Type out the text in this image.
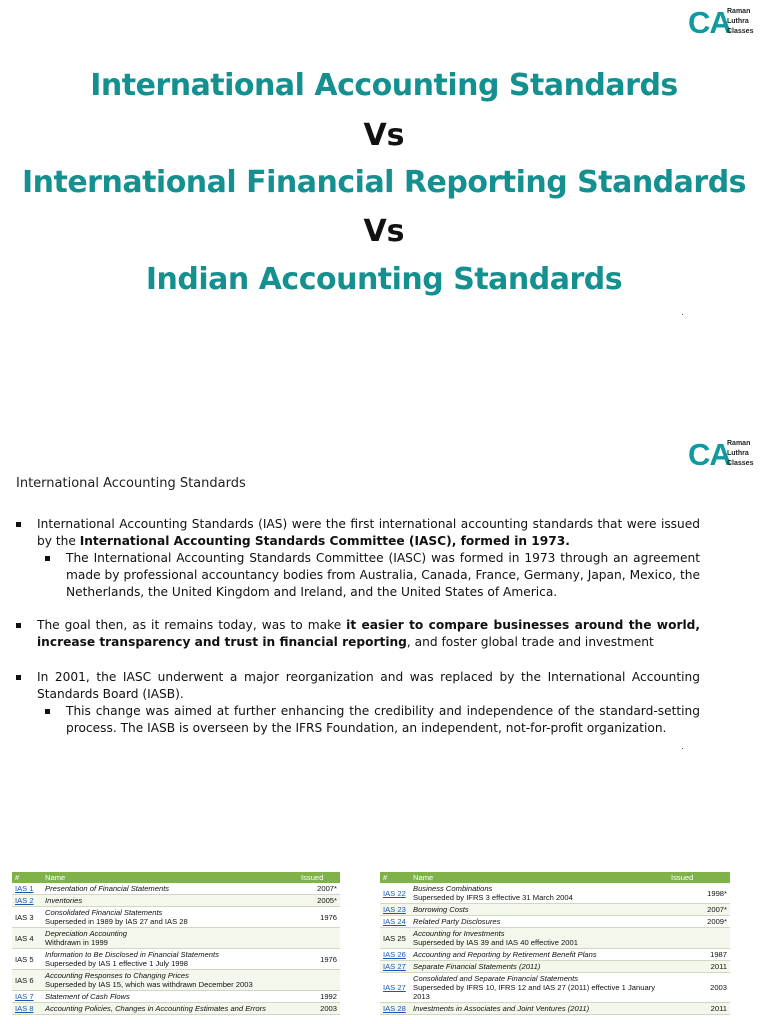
CA
Raman
Luthra
Classes
International Accounting Standards
Vs
International Financial Reporting Standards
Vs
Indian Accounting Standards
CA
Raman
Luthra
Classes
International Accounting Standards
International Accounting Standards (IAS) were the first international accounting standards that were issued by the International Accounting Standards Committee (IASC), formed in 1973.
The International Accounting Standards Committee (IASC) was formed in 1973 through an agreement made by professional accountancy bodies from Australia, Canada, France, Germany, Japan, Mexico, the Netherlands, the United Kingdom and Ireland, and the United States of America.
The goal then, as it remains today, was to make it easier to compare businesses around the world, increase transparency and trust in financial reporting, and foster global trade and investment
In 2001, the IASC underwent a major reorganization and was replaced by the International Accounting Standards Board (IASB).
This change was aimed at further enhancing the credibility and independence of the standard-setting process. The IASB is overseen by the IFRS Foundation, an independent, not-for-profit organization.
#	Name	Issued
IAS 1	Presentation of Financial Statements	2007*
IAS 2	Inventories	2005*
IAS 3	Consolidated Financial Statements
Superseded in 1989 by IAS 27 and IAS 28	1976
IAS 4	Depreciation Accounting
Withdrawn in 1999	

IAS 5	Information to Be Disclosed in Financial Statements
Superseded by IAS 1 effective 1 July 1998	1976
IAS 6	Accounting Responses to Changing Prices
Superseded by IAS 15, which was withdrawn December 2003	

IAS 7	Statement of Cash Flows	1992
IAS 8	Accounting Policies, Changes in Accounting Estimates and Errors	2003
#	Name	Issued
IAS 22	Business Combinations
Superseded by IFRS 3 effective 31 March 2004	1998*
IAS 23	Borrowing Costs	2007*
IAS 24	Related Party Disclosures	2009*
IAS 25	Accounting for Investments
Superseded by IAS 39 and IAS 40 effective 2001	

IAS 26	Accounting and Reporting by Retirement Benefit Plans	1987
IAS 27	Separate Financial Statements (2011)	2011
IAS 27	Consolidated and Separate Financial Statements
Superseded by IFRS 10, IFRS 12 and IAS 27 (2011) effective 1 January 2013	2003
IAS 28	Investments in Associates and Joint Ventures (2011)	2011
